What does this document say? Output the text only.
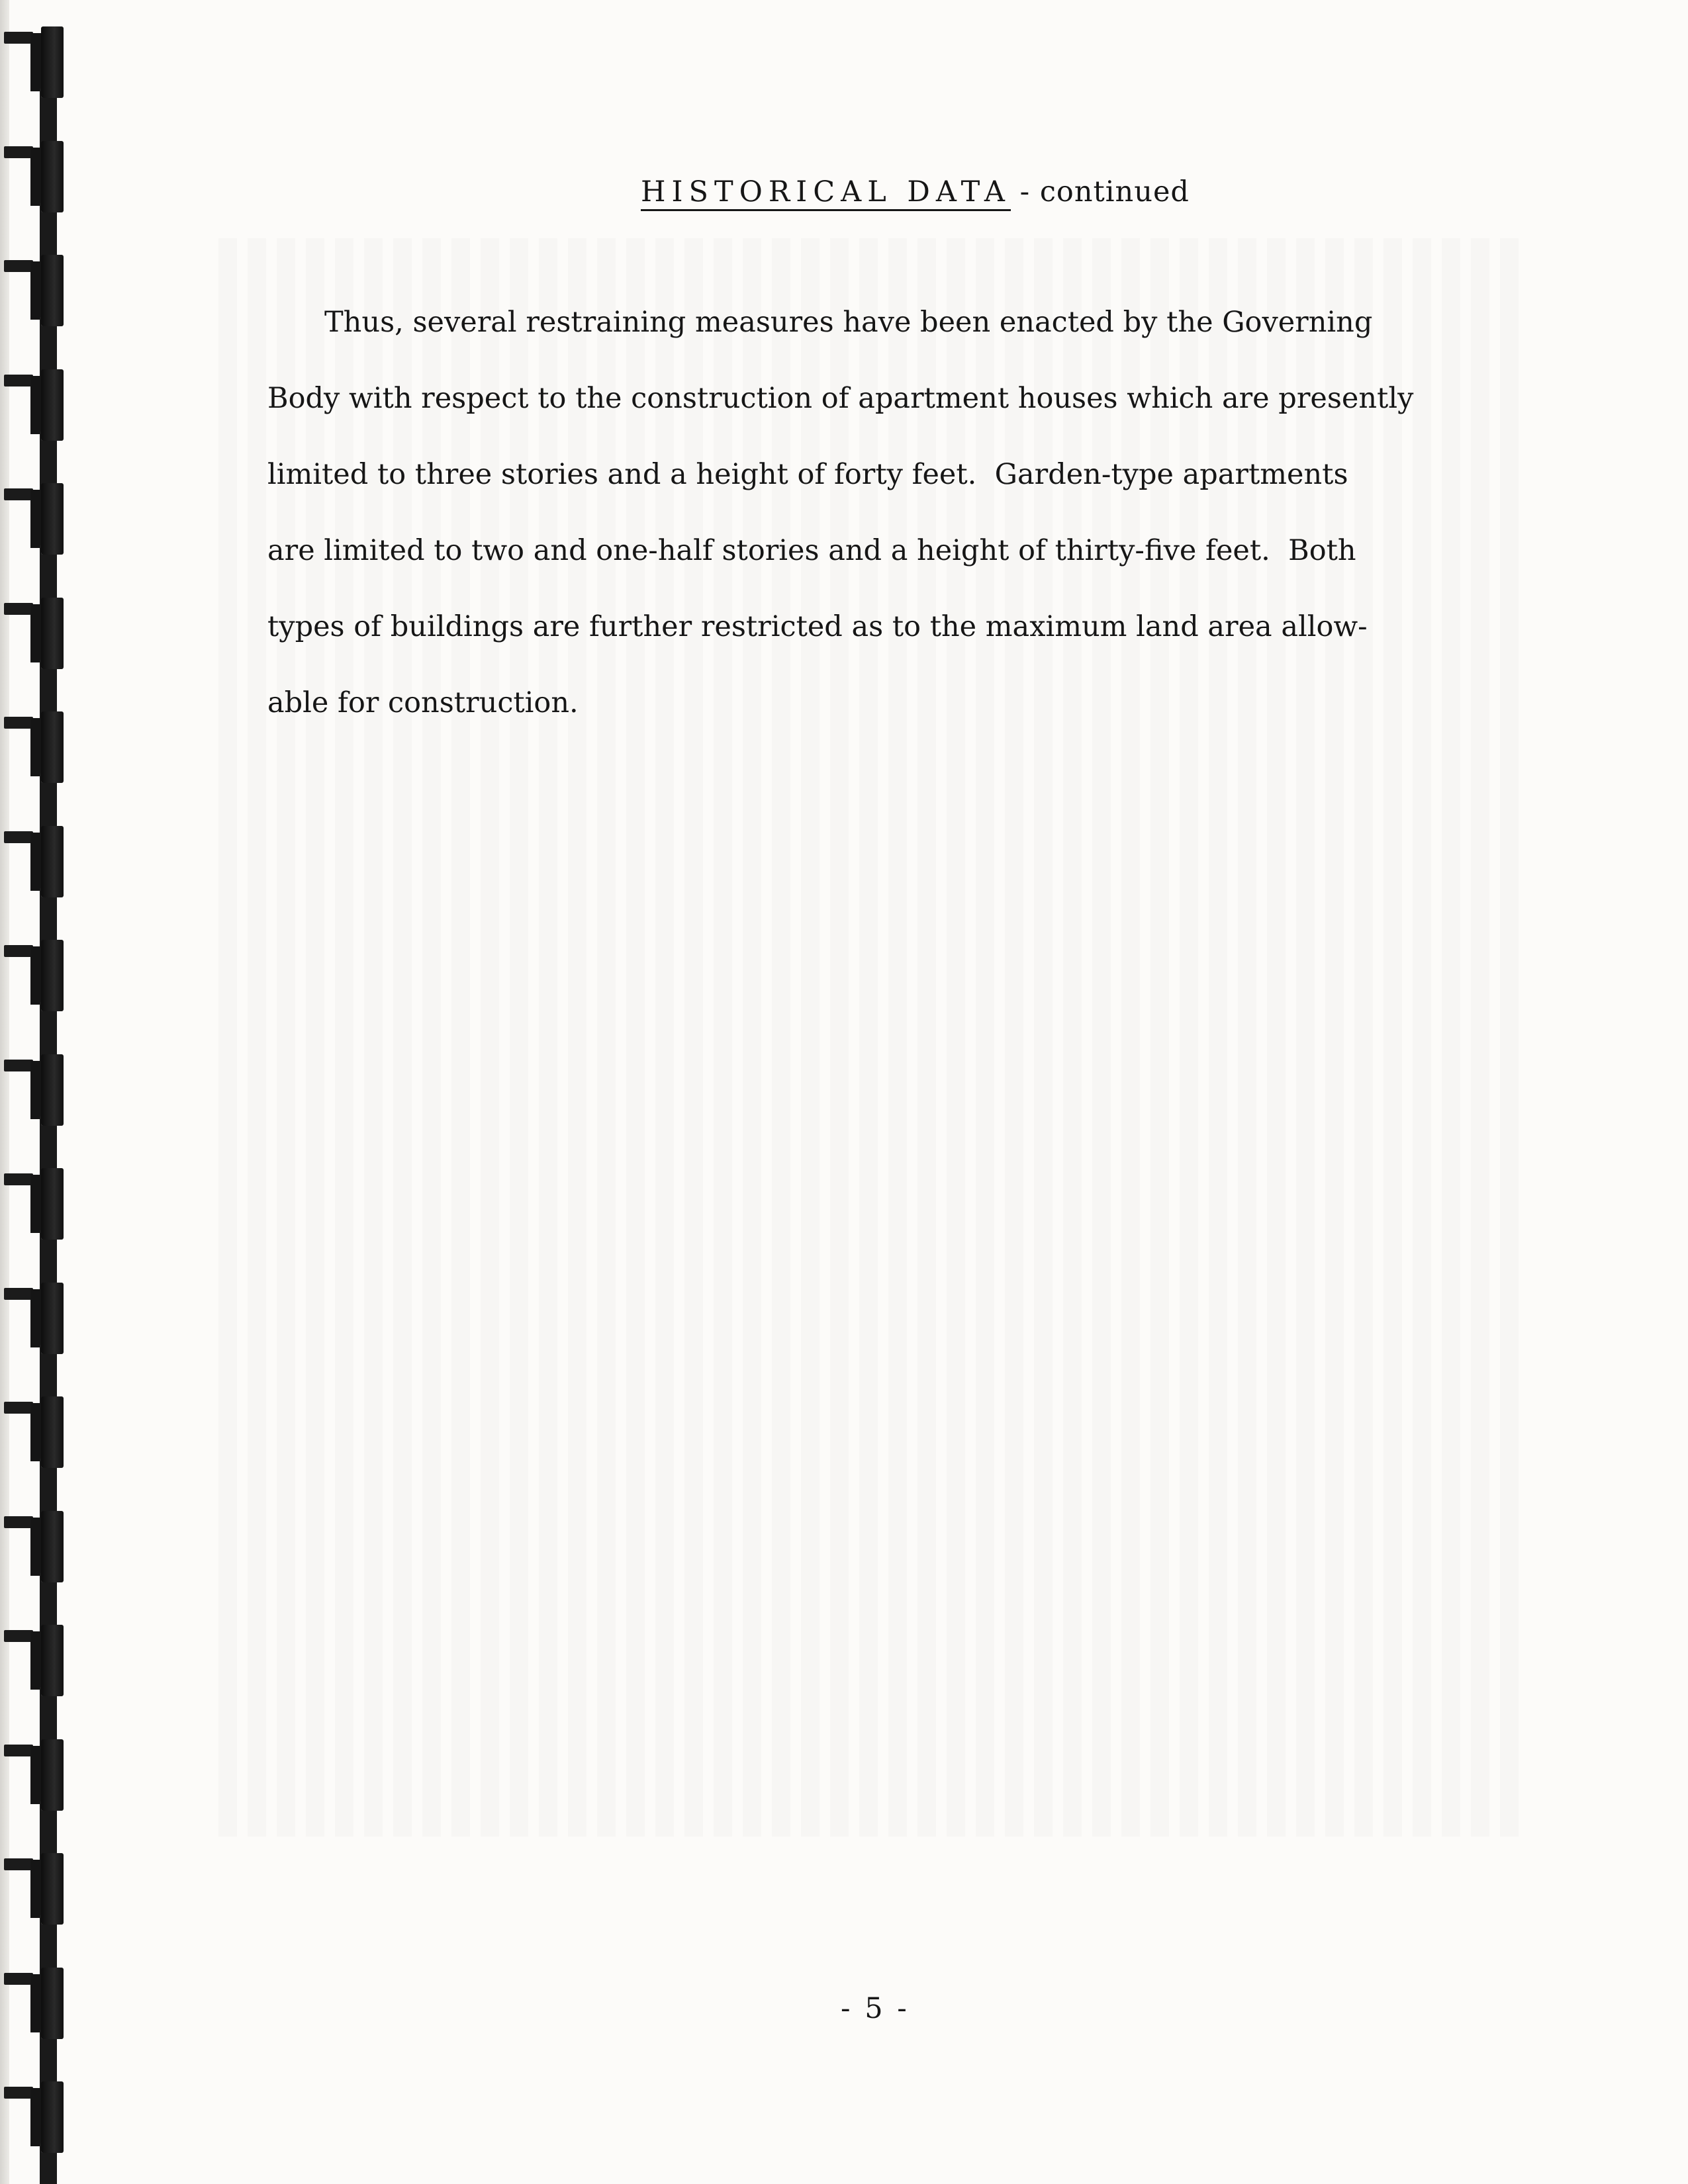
HISTORICAL DATA - continued
Thus, several restraining measures have been enacted by the Governing
Body with respect to the construction of apartment houses which are presently
limited to three stories and a height of forty feet.  Garden-type apartments
are limited to two and one-half stories and a height of thirty-five feet.  Both
types of buildings are further restricted as to the maximum land area allow-
able for construction.
- 5 -
